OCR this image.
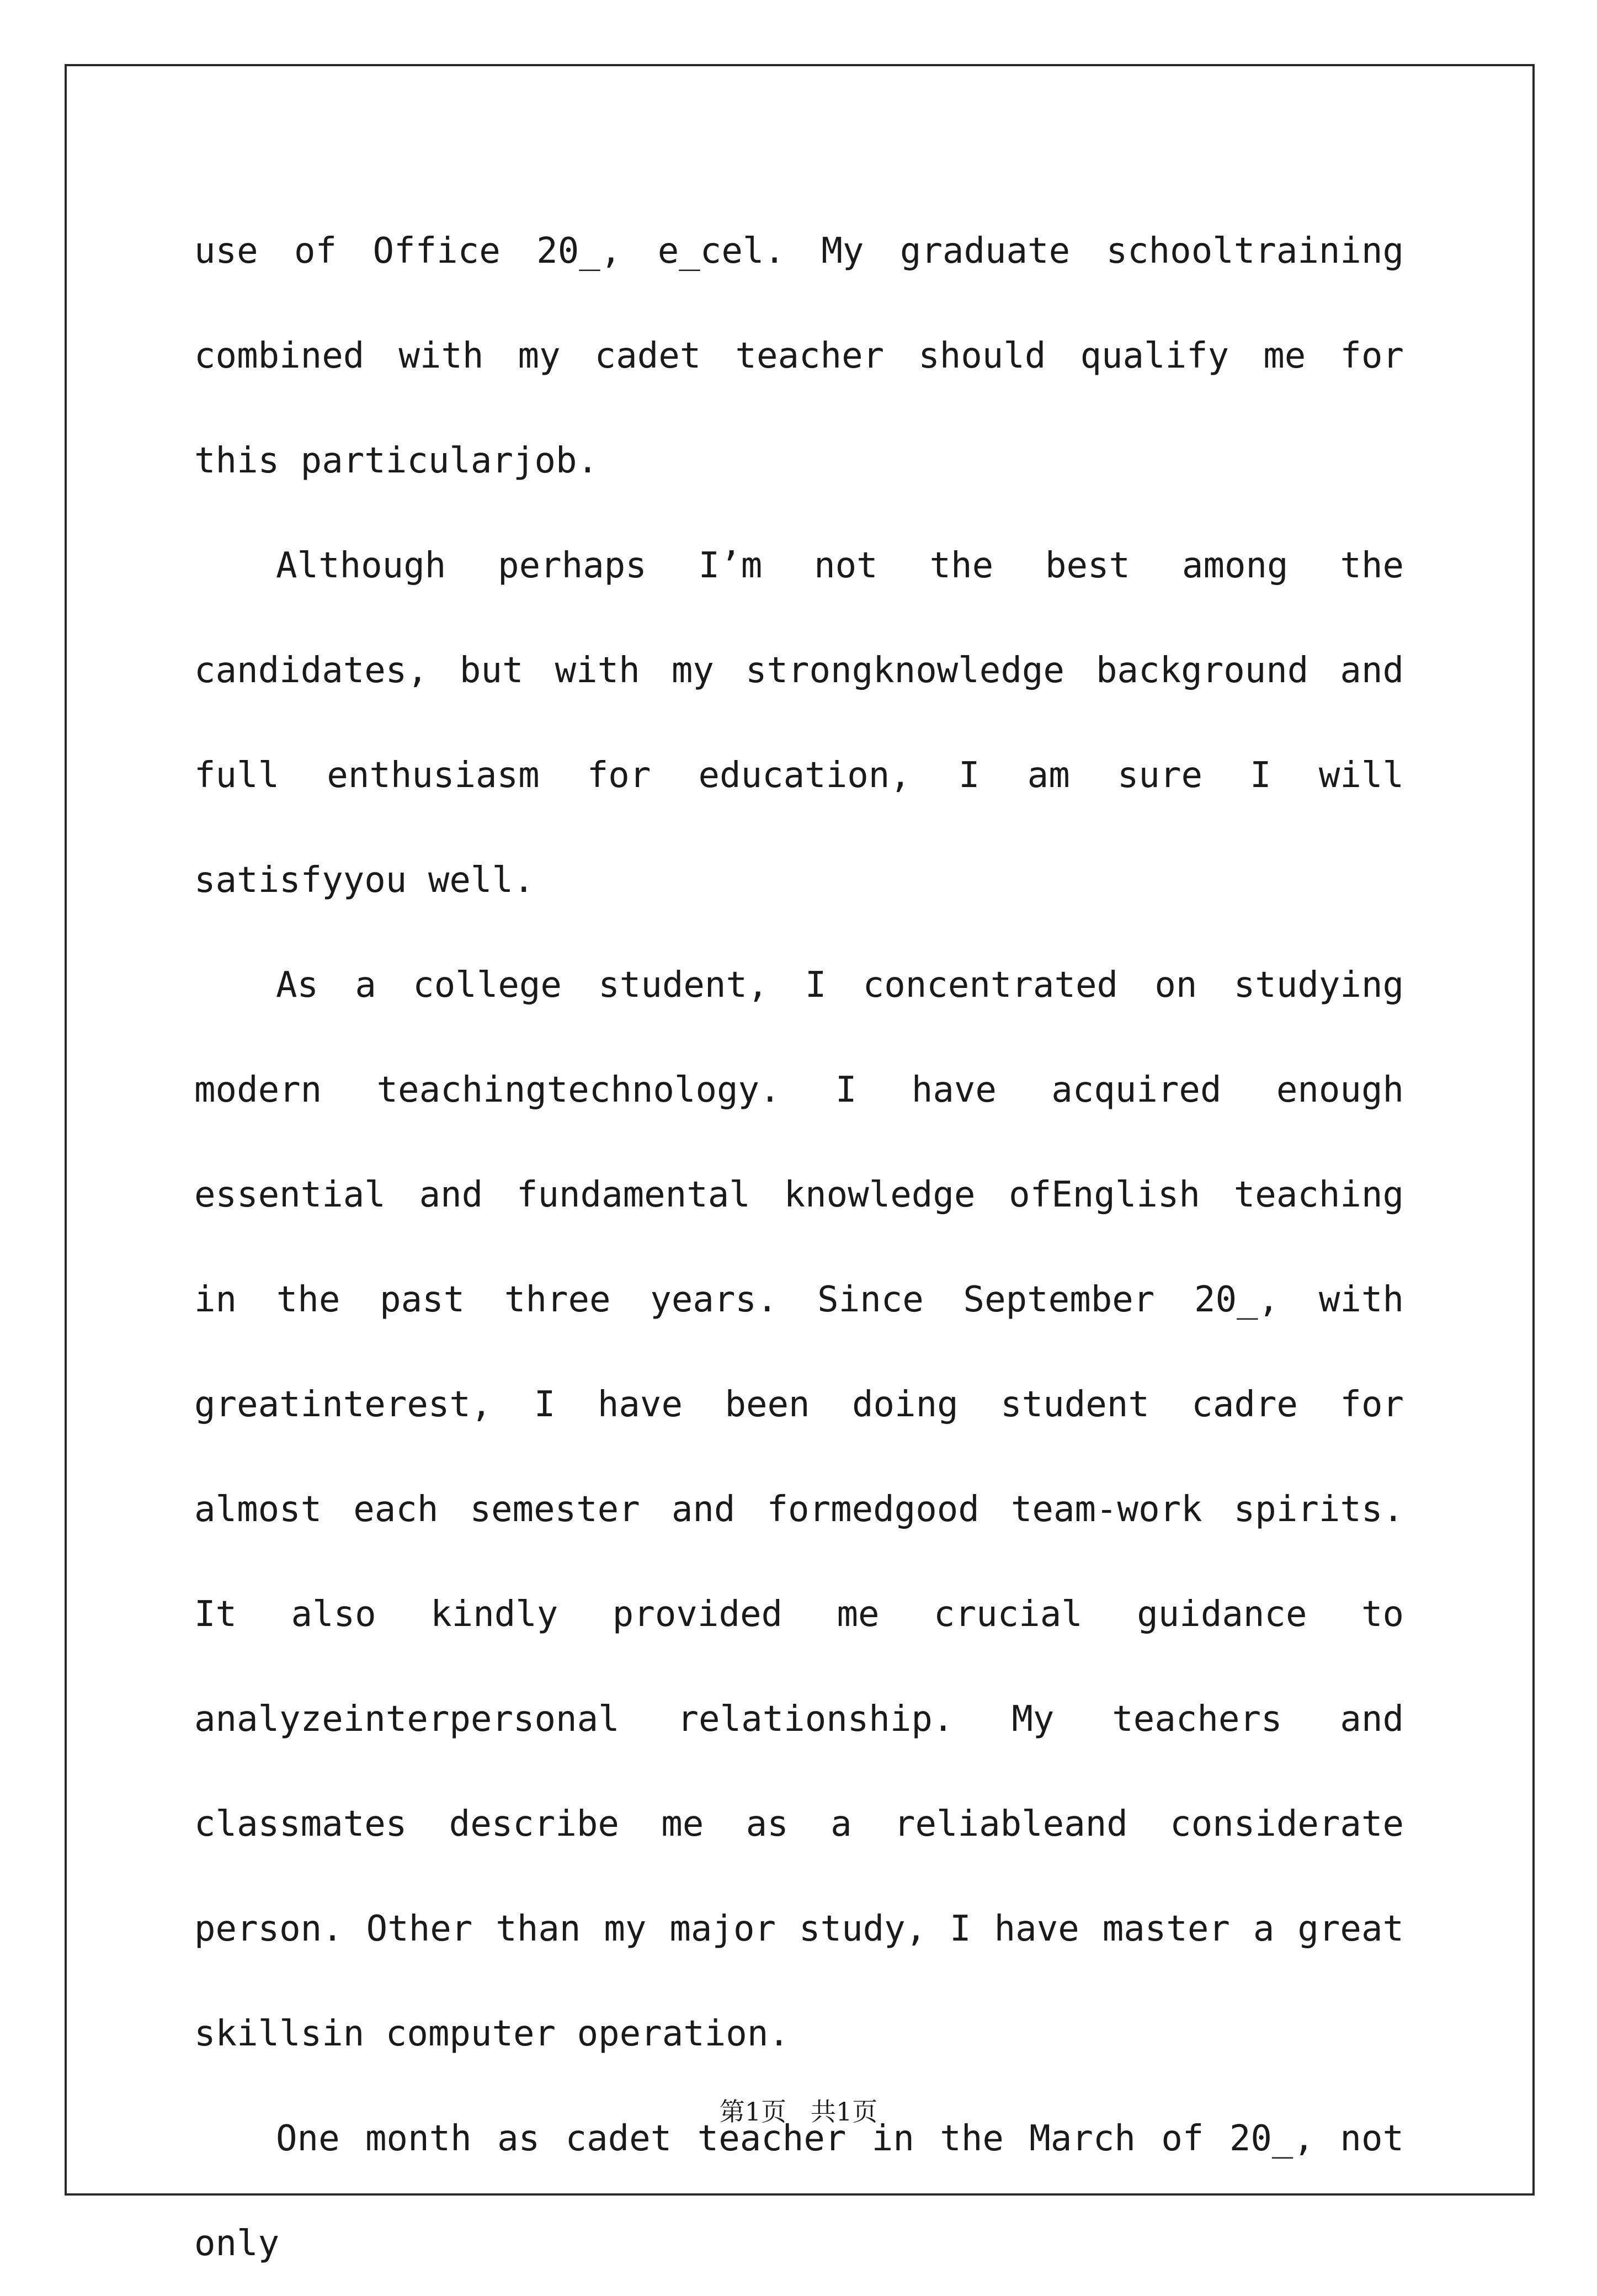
use of Office 20_, e_cel. My graduate schooltraining combined with my cadet teacher should qualify me for this particularjob.

Although perhaps I’m not the best among the candidates, but with my strongknowledge background and full enthusiasm for education, I am sure I will satisfyyou well.

As a college student, I concentrated on studying modern teachingtechnology. I have acquired enough essential and fundamental knowledge ofEnglish teaching in the past three years. Since September 20_, with greatinterest, I have been doing student cadre for almost each semester and formedgood team-work spirits. It also kindly provided me crucial guidance to analyzeinterpersonal relationship. My teachers and classmates describe me as a reliableand considerate person. Other than my major study, I have master a great skillsin computer operation.

One month as cadet teacher in the March of 20_, not only

第1页   共1页
